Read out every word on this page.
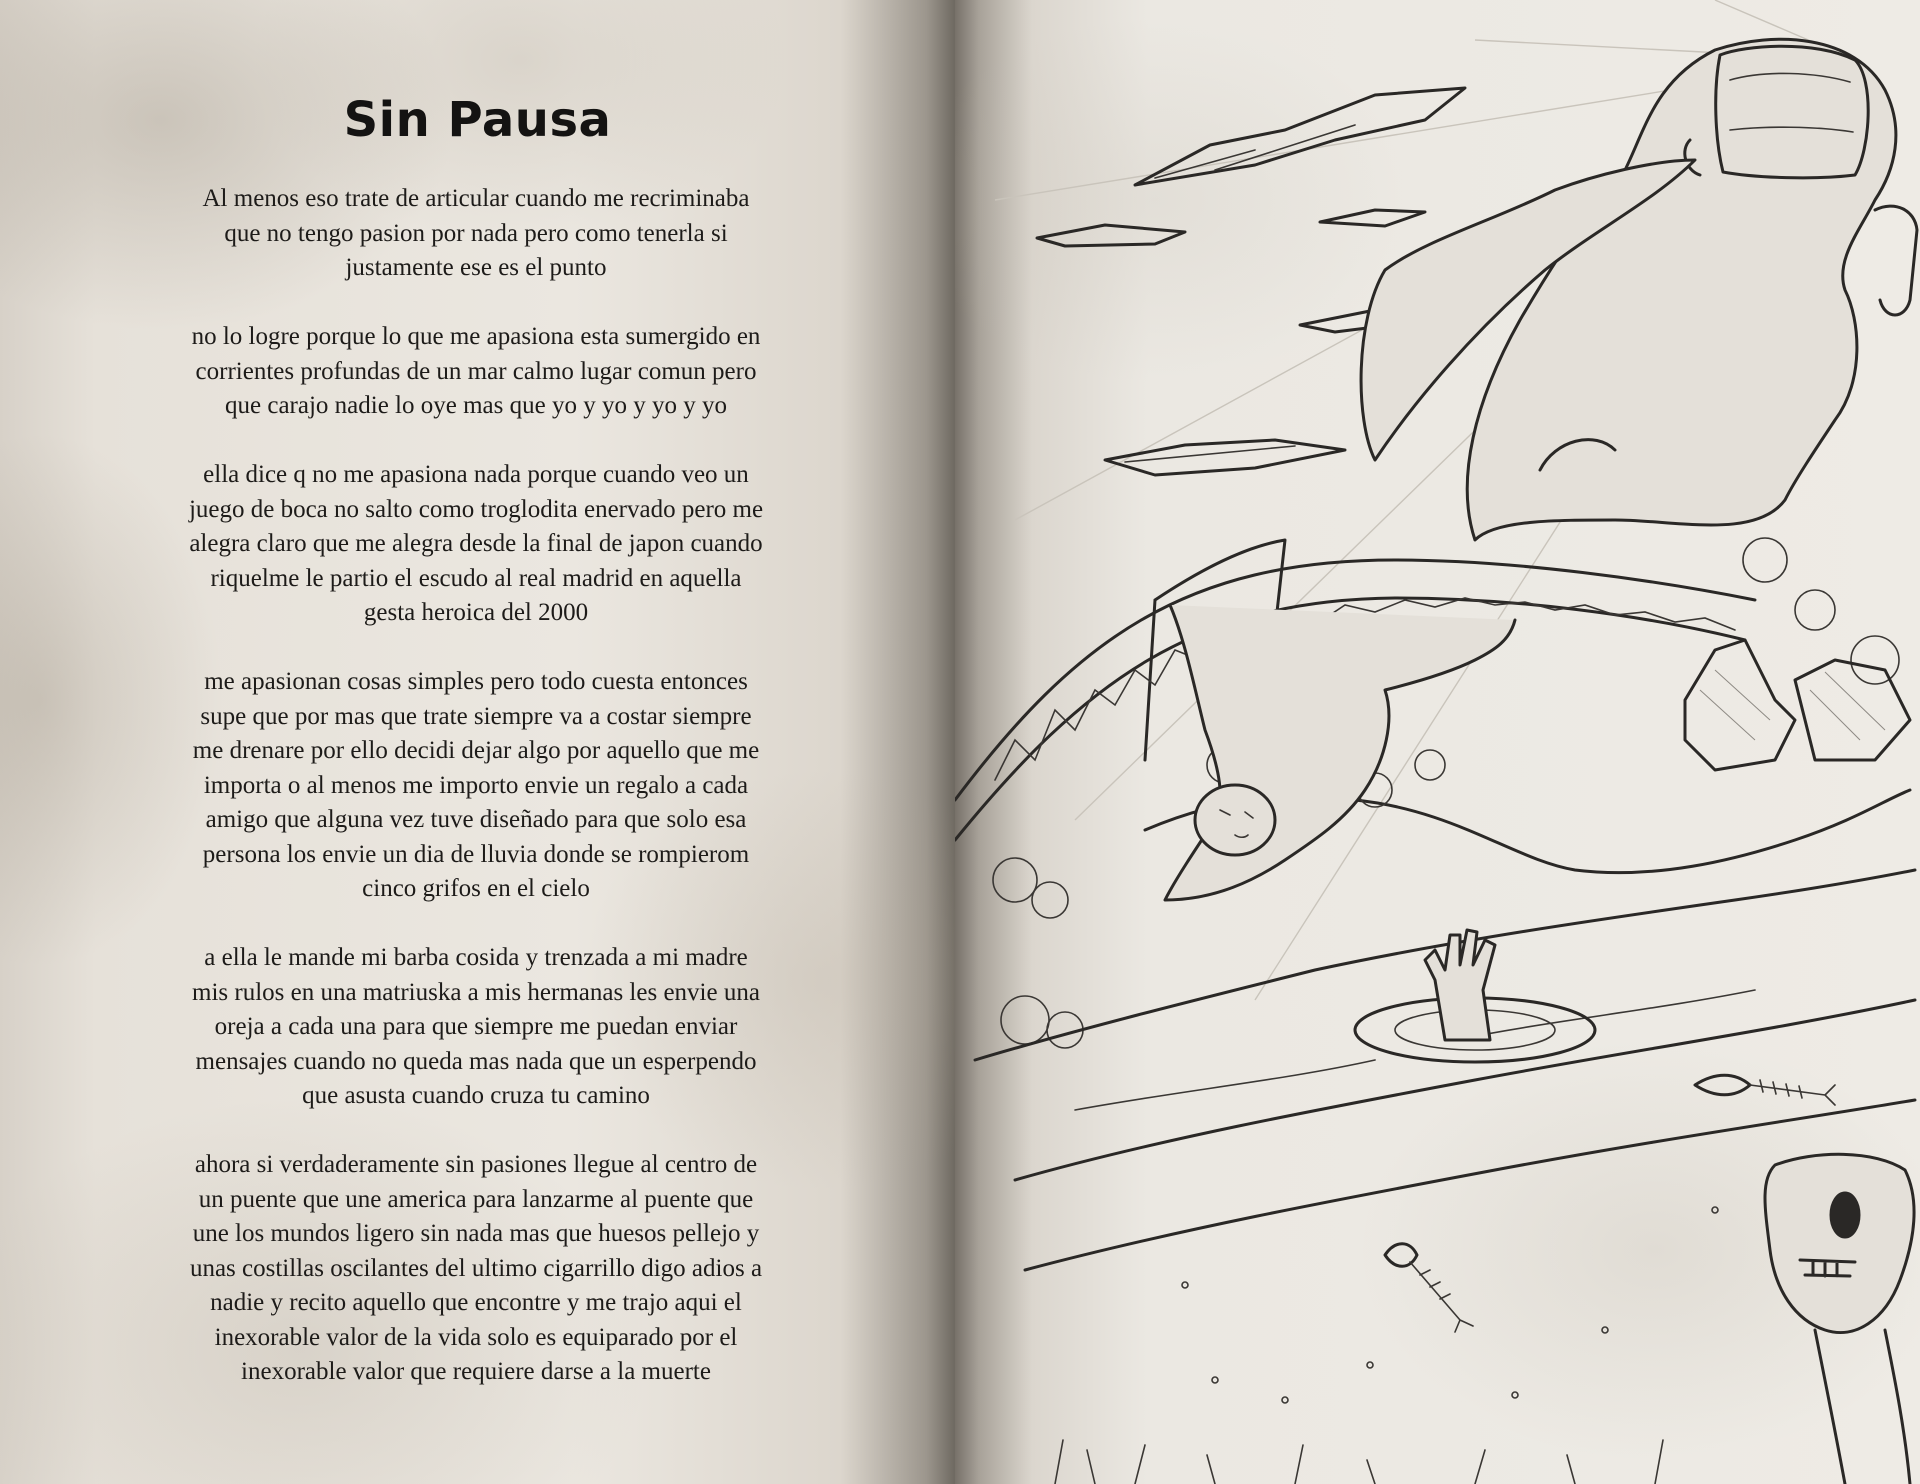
Sin Pausa
Al menos eso trate de articular cuando me recriminaba
que no tengo pasion por nada pero como tenerla si
justamente ese es el punto
no lo logre porque lo que me apasiona esta sumergido en
corrientes profundas de un mar calmo lugar comun pero
que carajo nadie lo oye mas que yo y yo y yo y yo
ella dice q no me apasiona nada porque cuando veo un
juego de boca no salto como troglodita enervado pero me
alegra claro que me alegra desde la final de japon cuando
riquelme le partio el escudo al real madrid en aquella
gesta heroica del 2000
me apasionan cosas simples pero todo cuesta entonces
supe que por mas que trate siempre va a costar siempre
me drenare por ello decidi dejar algo por aquello que me
importa o al menos me importo envie un regalo a cada
amigo que alguna vez tuve diseñado para que solo esa
persona los envie un dia de lluvia donde se rompierom
cinco grifos en el cielo
a ella le mande mi barba cosida y trenzada a mi madre
mis rulos en una matriuska a mis hermanas les envie una
oreja a cada una para que siempre me puedan enviar
mensajes cuando no queda mas nada que un esperpendo
que asusta cuando cruza tu camino
ahora si verdaderamente sin pasiones llegue al centro de
un puente que une america para lanzarme al puente que
une los mundos ligero sin nada mas que huesos pellejo y
unas costillas oscilantes del ultimo cigarrillo digo adios a
nadie y recito aquello que encontre y me trajo aqui el
inexorable valor de la vida solo es equiparado por el
inexorable valor que requiere darse a la muerte
